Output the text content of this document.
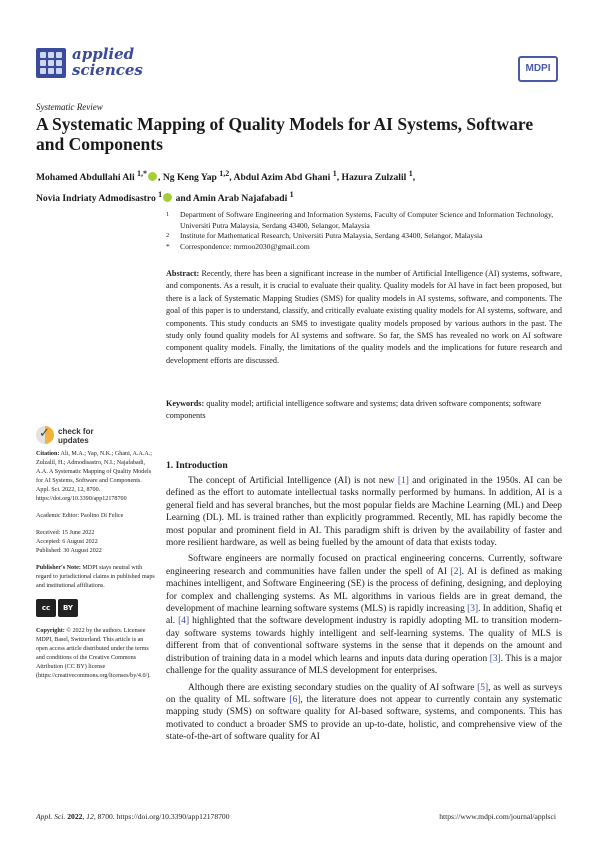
applied
sciences	MDPI
Systematic Review
A Systematic Mapping of Quality Models for AI Systems, Software and Components
Mohamed Abdullahi Ali $^{1,*}$ , Ng Keng Yap $^{1,2}$, Abdul Azim Abd Ghani $^1$, Hazura Zulzalil $^1$,
Novia Indriaty Admodisastro $^1$ and Amin Arab Najafabadi $^1$
1	Department of Software Engineering and Information Systems, Faculty of Computer Science and Information Technology, Universiti Putra Malaysia, Serdang 43400, Selangor, Malaysia
2	Institute for Mathematical Research, Universiti Putra Malaysia, Serdang 43400, Selangor, Malaysia
*	Correspondence: mrmoo2030@gmail.com
Abstract: Recently, there has been a significant increase in the number of Artificial Intelligence (AI) systems, software, and components. As a result, it is crucial to evaluate their quality. Quality models for AI have in fact been proposed, but there is a lack of Systematic Mapping Studies (SMS) for quality models in AI systems, software, and components. The goal of this paper is to understand, classify, and critically evaluate existing quality models for AI systems, software, and components. This study conducts an SMS to investigate quality models proposed by various authors in the past. The study only found quality models for AI systems and software. So far, the SMS has revealed no work on AI software component quality models. Finally, the limitations of the quality models and the implications for future research and development efforts are discussed.
Keywords: quality model; artificial intelligence software and systems; data driven software components; software components
✓
check for
updates
Citation: Ali, M.A.; Yap, N.K.; Ghani, A.A.A.; Zulzalil, H.; Admodisastro, N.I.; Najafabadi, A.A. A Systematic Mapping of Quality Models for AI Systems, Software and Components. Appl. Sci. 2022, 12, 8700. https://doi.org/10.3390/app12178700
Academic Editor: Paolino Di Felice
Received: 15 June 2022
Accepted: 6 August 2022
Published: 30 August 2022
Publisher's Note: MDPI stays neutral with regard to jurisdictional claims in published maps and institutional affiliations.
cc	BY
Copyright: © 2022 by the authors. Licensee MDPI, Basel, Switzerland. This article is an open access article distributed under the terms and conditions of the Creative Commons Attribution (CC BY) license (https://creativecommons.org/licenses/by/4.0/).
1. Introduction

The concept of Artificial Intelligence (AI) is not new [1] and originated in the 1950s. AI can be defined as the effort to automate intellectual tasks normally performed by humans. In addition, AI is a general field and has several branches, but the most popular fields are Machine Learning (ML) and Deep Learning (DL). ML is trained rather than explicitly programmed. Recently, ML has rapidly become the most popular and prominent field in AI. This paradigm shift is driven by the availability of faster and more resilient hardware, as well as being fuelled by the amount of data that exists today.

Software engineers are normally focused on practical engineering concerns. Currently, software engineering research and communities have fallen under the spell of AI [2]. AI is defined as making machines intelligent, and Software Engineering (SE) is the process of defining, designing, and deploying for complex and challenging systems. As ML algorithms in various fields are in great demand, the development of machine learning software systems (MLS) is rapidly increasing [3]. In addition, Shafiq et al. [4] highlighted that the software development industry is rapidly adopting ML to transition modern-day software systems towards highly intelligent and self-learning systems. The quality of MLS is different from that of conventional software systems in the sense that it depends on the amount and distribution of training data in a model which learns and inputs data during operation [3]. This is a major challenge for the quality assurance of MLS development for enterprises.

Although there are existing secondary studies on the quality of AI software [5], as well as surveys on the quality of ML software [6], the literature does not appear to currently contain any systematic mapping study (SMS) on software quality for AI-based software, systems, and components. This has motivated to conduct a broader SMS to provide an up-to-date, holistic, and comprehensive view of the state-of-the-art of software quality for AI

Appl. Sci. 2022, 12, 8700. https://doi.org/10.3390/app12178700	https://www.mdpi.com/journal/applsci
